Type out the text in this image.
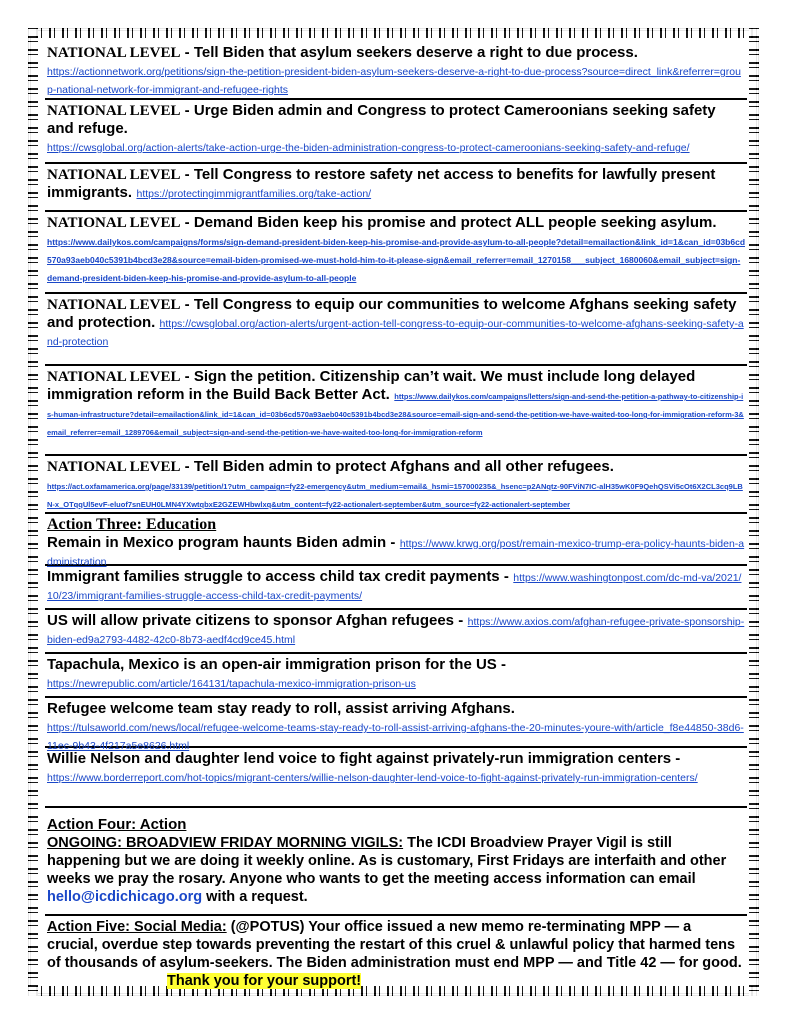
NATIONAL LEVEL - Tell Biden that asylum seekers deserve a right to due process.
https://actionnetwork.org/petitions/sign-the-petition-president-biden-asylum-seekers-deserve-a-right-to-due-process?source=direct_link&referrer=group-national-network-for-immigrant-and-refugee-rights
NATIONAL LEVEL - Urge Biden admin and Congress to protect Cameroonians seeking safety and refuge.
https://cwsglobal.org/action-alerts/take-action-urge-the-biden-administration-congress-to-protect-cameroonians-seeking-safety-and-refuge/
NATIONAL LEVEL - Tell Congress to restore safety net access to benefits for lawfully present immigrants. https://protectingimmigrantfamilies.org/take-action/
NATIONAL LEVEL - Demand Biden keep his promise and protect ALL people seeking asylum.
https://www.dailykos.com/campaigns/forms/sign-demand-president-biden-keep-his-promise-and-provide-asylum-to-all-people?detail=emailaction&link_id=1&can_id=03b6cd570a93aeb040c5391b4bcd3e28&source=email-biden-promised-we-must-hold-him-to-it-please-sign&email_referrer=email_1270158___subject_1680060&email_subject=sign-demand-president-biden-keep-his-promise-and-provide-asylum-to-all-people
NATIONAL LEVEL - Tell Congress to equip our communities to welcome Afghans seeking safety and protection. https://cwsglobal.org/action-alerts/urgent-action-tell-congress-to-equip-our-communities-to-welcome-afghans-seeking-safety-and-protection
NATIONAL LEVEL - Sign the petition. Citizenship can’t wait. We must include long delayed immigration reform in the Build Back Better Act. https://www.dailykos.com/campaigns/letters/sign-and-send-the-petition-a-pathway-to-citizenship-is-human-infrastructure?detail=emailaction&link_id=1&can_id=03b6cd570a93aeb040c5391b4bcd3e28&source=email-sign-and-send-the-petition-we-have-waited-too-long-for-immigration-reform-3&email_referrer=email_1289706&email_subject=sign-and-send-the-petition-we-have-waited-too-long-for-immigration-reform
NATIONAL LEVEL - Tell Biden admin to protect Afghans and all other refugees.
https://act.oxfamamerica.org/page/33139/petition/1?utm_campaign=fy22-emergency&utm_medium=email&_hsmi=157000235&_hsenc=p2ANqtz-90FViN7IC-alH35wK0F9QehQSVi5cOt6X2CL3cq9LBN-x_OTqqUl5evF-eluof7snEUH0LMN4YXwtqbxE2GZEWHbwlxq&utm_content=fy22-actionalert-september&utm_source=fy22-actionalert-september
Action Three: Education
Remain in Mexico program haunts Biden admin - https://www.krwg.org/post/remain-mexico-trump-era-policy-haunts-biden-administration
Immigrant families struggle to access child tax credit payments - https://www.washingtonpost.com/dc-md-va/2021/10/23/immigrant-families-struggle-access-child-tax-credit-payments/
US will allow private citizens to sponsor Afghan refugees - https://www.axios.com/afghan-refugee-private-sponsorship-biden-ed9a2793-4482-42c0-8b73-aedf4cd9ce45.html
Tapachula, Mexico is an open-air immigration prison for the US -
https://newrepublic.com/article/164131/tapachula-mexico-immigration-prison-us
Refugee welcome team stay ready to roll, assist arriving Afghans.
https://tulsaworld.com/news/local/refugee-welcome-teams-stay-ready-to-roll-assist-arriving-afghans-the-20-minutes-youre-with/article_f8e44850-38d6-11ec-9b43-4f217a5e8626.html
Willie Nelson and daughter lend voice to fight against privately-run immigration centers -
https://www.borderreport.com/hot-topics/migrant-centers/willie-nelson-daughter-lend-voice-to-fight-against-privately-run-immigration-centers/
Action Four: Action
ONGOING: BROADVIEW FRIDAY MORNING VIGILS: The ICDI Broadview Prayer Vigil is still happening but we are doing it weekly online. As is customary, First Fridays are interfaith and other weeks we pray the rosary. Anyone who wants to get the meeting access information can email hello@icdichicago.org with a request.
Action Five: Social Media: (@POTUS) Your office issued a new memo re-terminating MPP — a crucial, overdue step towards preventing the restart of this cruel & unlawful policy that harmed tens of thousands of asylum-seekers. The Biden administration must end MPP — and Title 42 — for good. Thank you for your support!
